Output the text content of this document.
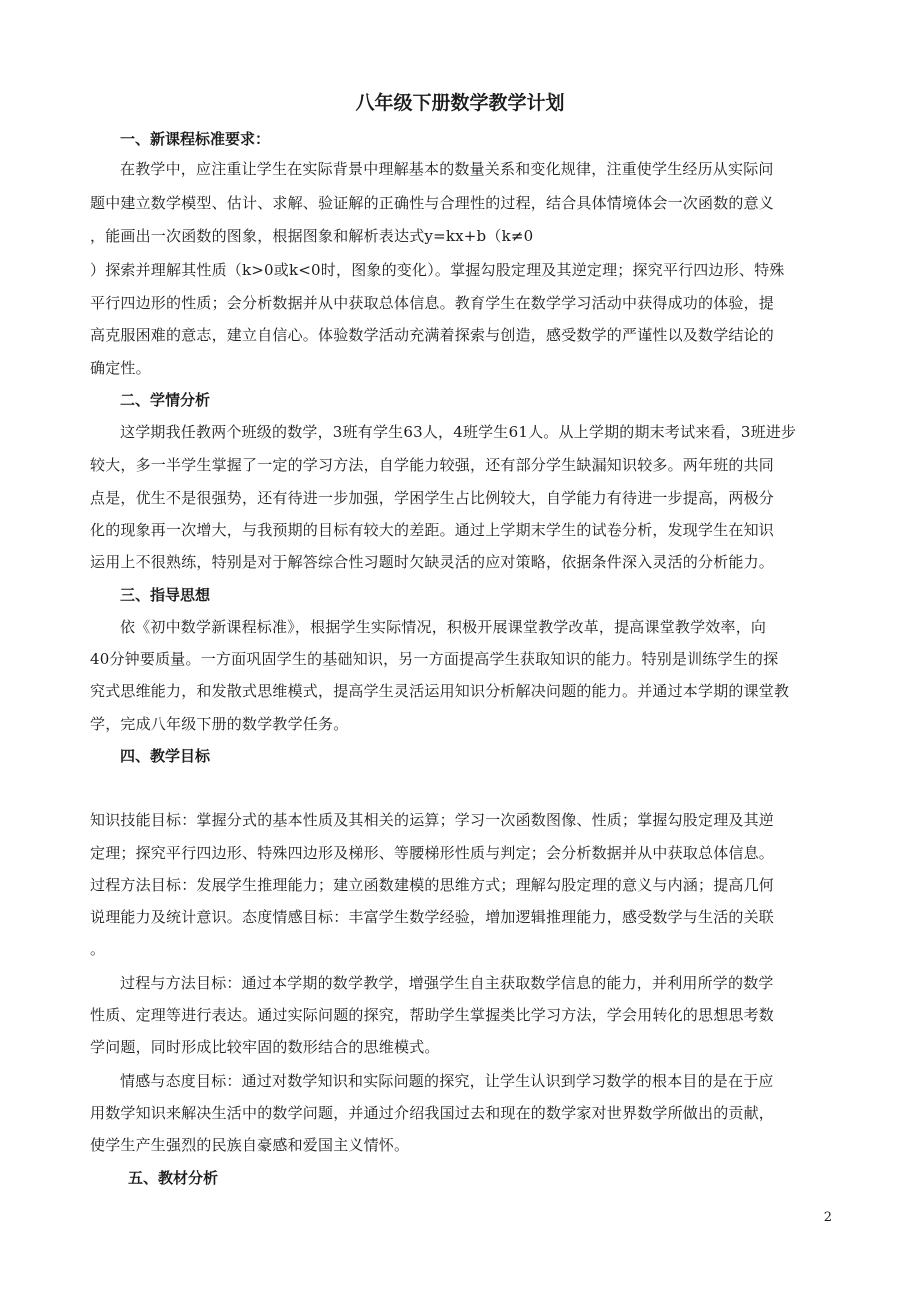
八年级下册数学教学计划
一、新课程标准要求：
在教学中，应注重让学生在实际背景中理解基本的数量关系和变化规律，注重使学生经历从实际问
题中建立数学模型、估计、求解、验证解的正确性与合理性的过程，结合具体情境体会一次函数的意义
，能画出一次函数的图象，根据图象和解析表达式y=kx+b（k≠0
）探索并理解其性质（k>0或k<0时，图象的变化）。掌握勾股定理及其逆定理；探究平行四边形、特殊
平行四边形的性质；会分析数据并从中获取总体信息。教育学生在数学学习活动中获得成功的体验，提
高克服困难的意志，建立自信心。体验数学活动充满着探索与创造，感受数学的严谨性以及数学结论的
确定性。
二、学情分析
这学期我任教两个班级的数学，3班有学生63人，4班学生61人。从上学期的期末考试来看，3班进步
较大，多一半学生掌握了一定的学习方法，自学能力较强，还有部分学生缺漏知识较多。两年班的共同
点是，优生不是很强势，还有待进一步加强，学困学生占比例较大，自学能力有待进一步提高，两极分
化的现象再一次增大，与我预期的目标有较大的差距。通过上学期末学生的试卷分析，发现学生在知识
运用上不很熟练，特别是对于解答综合性习题时欠缺灵活的应对策略，依据条件深入灵活的分析能力。
三、指导思想
依《初中数学新课程标准》，根据学生实际情况，积极开展课堂教学改革，提高课堂教学效率，向
40分钟要质量。一方面巩固学生的基础知识，另一方面提高学生获取知识的能力。特别是训练学生的探
究式思维能力，和发散式思维模式，提高学生灵活运用知识分析解决问题的能力。并通过本学期的课堂教
学，完成八年级下册的数学教学任务。
四、教学目标
知识技能目标：掌握分式的基本性质及其相关的运算；学习一次函数图像、性质；掌握勾股定理及其逆
定理；探究平行四边形、特殊四边形及梯形、等腰梯形性质与判定；会分析数据并从中获取总体信息。
过程方法目标：发展学生推理能力；建立函数建模的思维方式；理解勾股定理的意义与内涵；提高几何
说理能力及统计意识。态度情感目标：丰富学生数学经验，增加逻辑推理能力，感受数学与生活的关联
。
过程与方法目标：通过本学期的数学教学，增强学生自主获取数学信息的能力，并利用所学的数学
性质、定理等进行表达。通过实际问题的探究，帮助学生掌握类比学习方法，学会用转化的思想思考数
学问题，同时形成比较牢固的数形结合的思维模式。
情感与态度目标：通过对数学知识和实际问题的探究，让学生认识到学习数学的根本目的是在于应
用数学知识来解决生活中的数学问题，并通过介绍我国过去和现在的数学家对世界数学所做出的贡献，
使学生产生强烈的民族自豪感和爱国主义情怀。
五、教材分析
2
